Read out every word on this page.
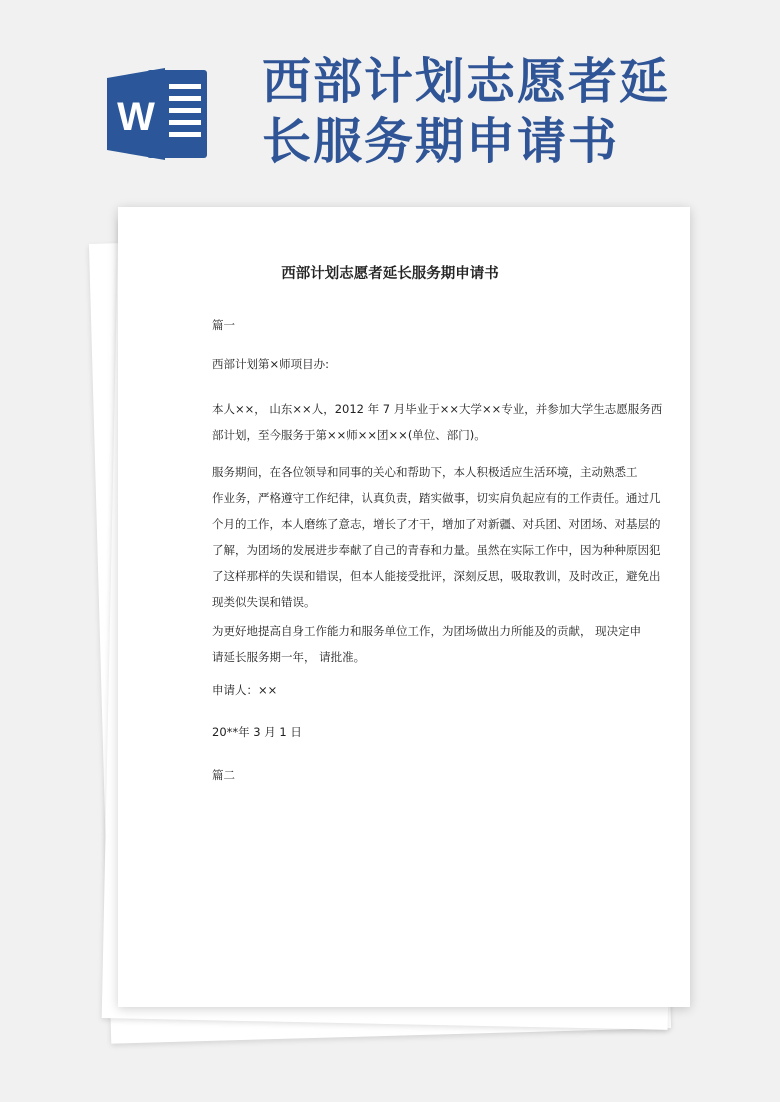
W
西部计划志愿者延
长服务期申请书
西部计划志愿者延长服务期申请书
篇一
西部计划第×师项目办:
本人××， 山东××人，2012 年 7 月毕业于××大学××专业，并参加大学生志愿服务西
部计划，至今服务于第××师××团××(单位、部门)。
服务期间，在各位领导和同事的关心和帮助下，本人积极适应生活环境，主动熟悉工
作业务，严格遵守工作纪律，认真负责，踏实做事，切实肩负起应有的工作责任。通过几
个月的工作，本人磨练了意志，增长了才干，增加了对新疆、对兵团、对团场、对基层的
了解，为团场的发展进步奉献了自己的青春和力量。虽然在实际工作中，因为种种原因犯
了这样那样的失误和错误，但本人能接受批评，深刻反思，吸取教训，及时改正，避免出
现类似失误和错误。
为更好地提高自身工作能力和服务单位工作，为团场做出力所能及的贡献， 现决定申
请延长服务期一年， 请批准。
申请人：××
20**年 3 月 1 日
篇二
